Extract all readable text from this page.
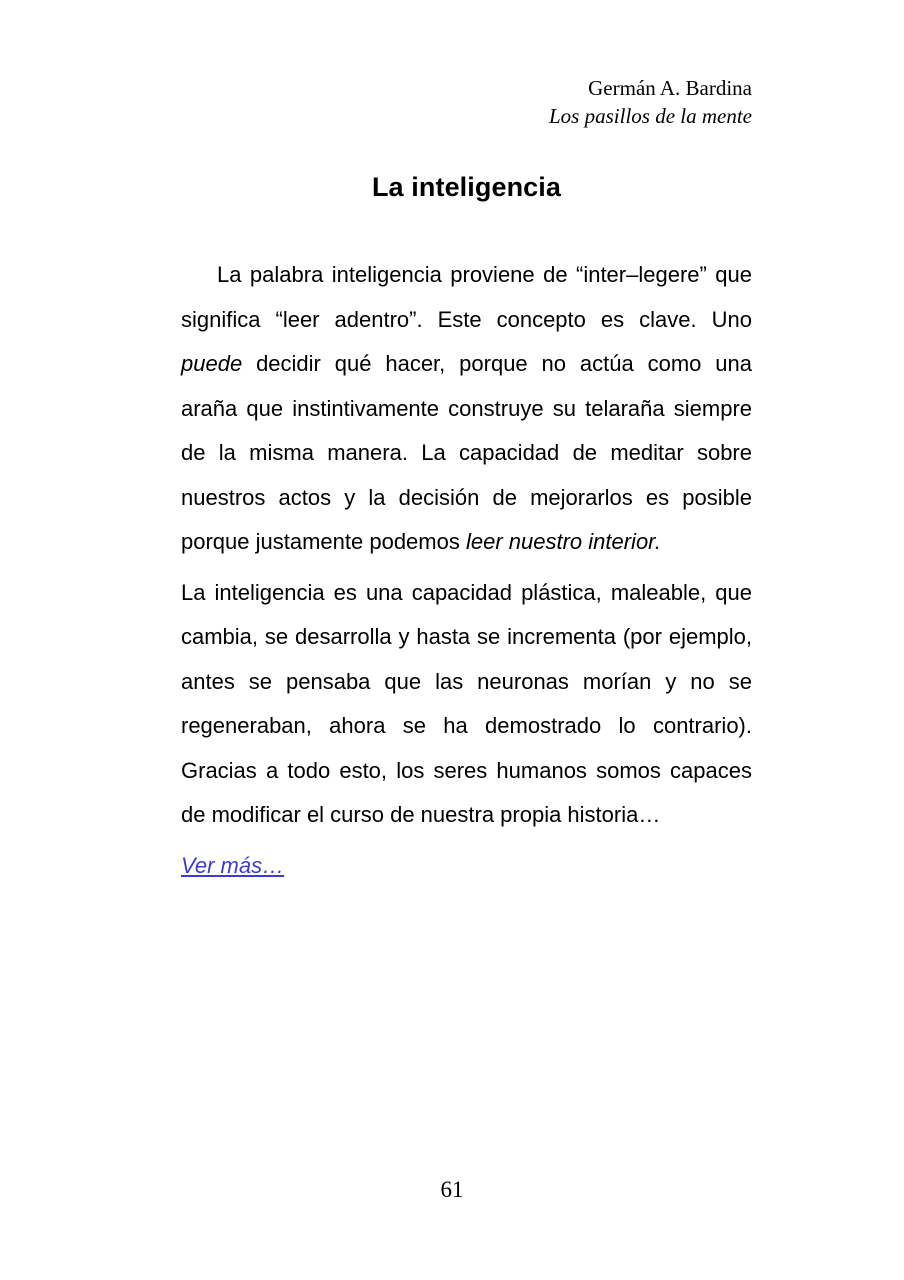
Germán A. Bardina
Los pasillos de la mente
La inteligencia

La palabra inteligencia proviene de “inter–legere” que significa “leer adentro”. Este concepto es clave. Uno puede decidir qué hacer, porque no actúa como una araña que instintivamente construye su telaraña siempre de la misma manera. La capacidad de meditar sobre nuestros actos y la decisión de mejorarlos es posible porque justamente podemos leer nuestro interior.

La inteligencia es una capacidad plástica, maleable, que cambia, se desarrolla y hasta se incrementa (por ejemplo, antes se pensaba que las neuronas morían y no se regeneraban, ahora se ha demostrado lo contrario). Gracias a todo esto, los seres humanos somos capaces de modificar el curso de nuestra propia historia…

Ver más…

61
